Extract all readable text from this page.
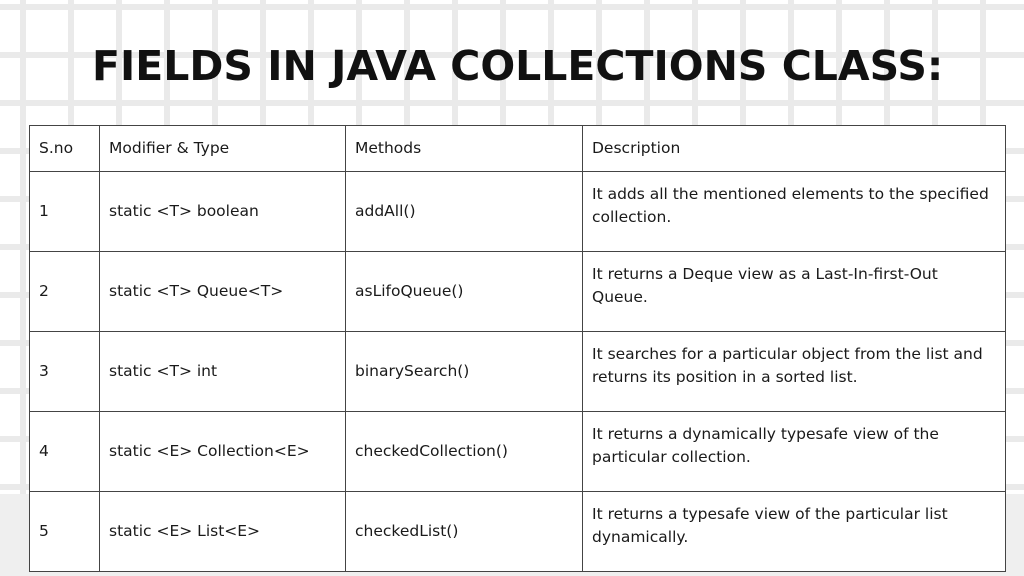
FIELDS IN JAVA COLLECTIONS CLASS:
S.no	Modifier & Type	Methods	Description
1	static <T> boolean	addAll()	It adds all the mentioned elements to the specified collection.
2	static <T> Queue<T>	asLifoQueue()	It returns a Deque view as a Last-In-first-Out Queue.
3	static <T> int	binarySearch()	It searches for a particular object from the list and returns its position in a sorted list.
4	static <E> Collection<E>	checkedCollection()	It returns a dynamically typesafe view of the particular collection.
5	static <E> List<E>	checkedList()	It returns a typesafe view of the particular list dynamically.
